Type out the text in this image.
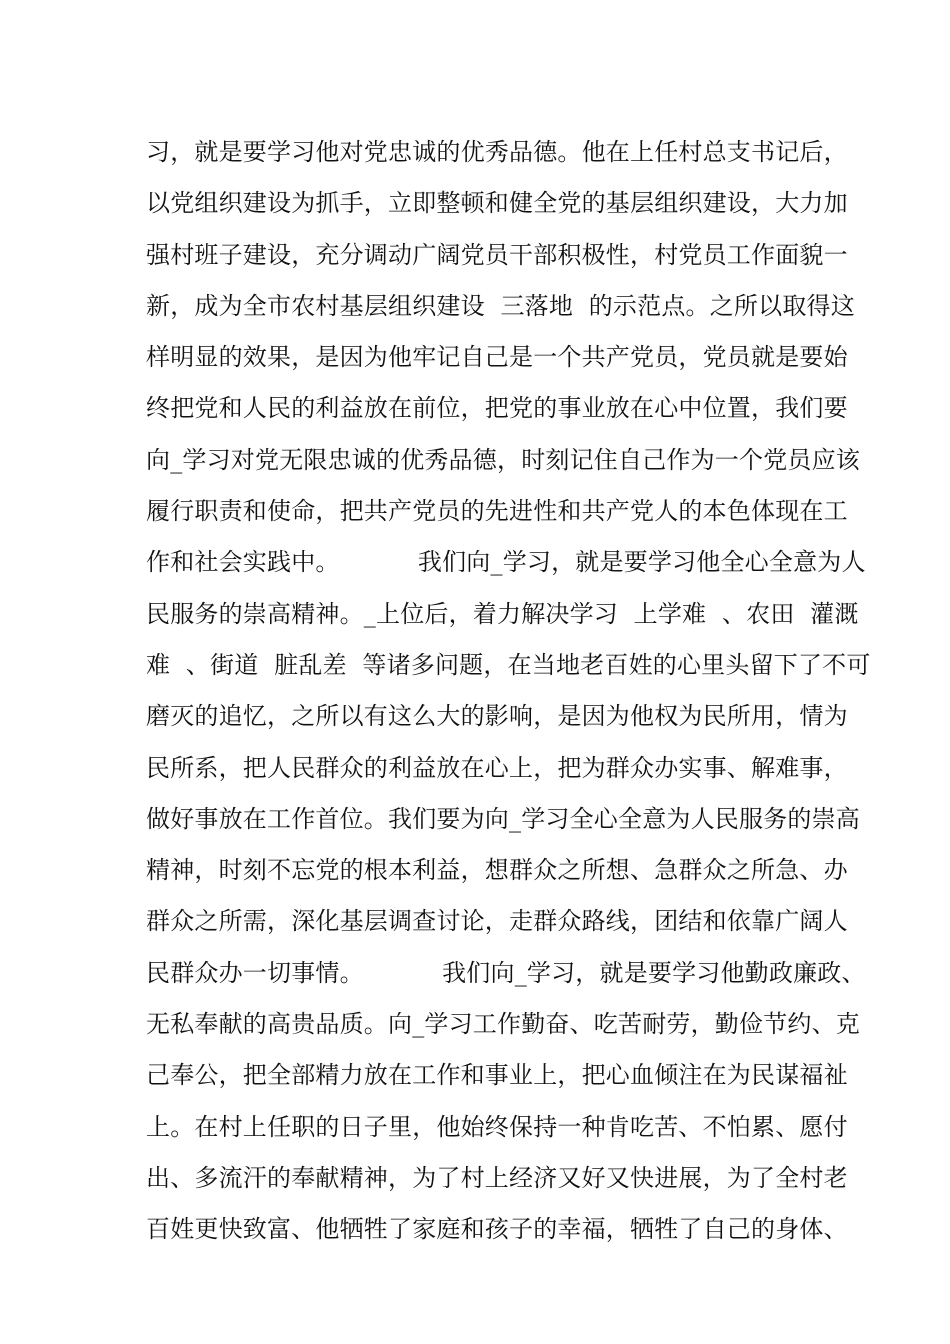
习，就是要学习他对党忠诚的优秀品德。他在上任村总支书记后，
以党组织建设为抓手，立即整顿和健全党的基层组织建设，大力加
强村班子建设，充分调动广阔党员干部积极性，村党员工作面貌一
新，成为全市农村基层组织建设  三落地  的示范点。之所以取得这
样明显的效果，是因为他牢记自己是一个共产党员，党员就是要始
终把党和人民的利益放在前位，把党的事业放在心中位置，我们要
向_学习对党无限忠诚的优秀品德，时刻记住自己作为一个党员应该
履行职责和使命，把共产党员的先进性和共产党人的本色体现在工
作和社会实践中。          我们向_学习，就是要学习他全心全意为人
民服务的崇高精神。_上位后，着力解决学习  上学难  、农田  灌溉
难  、街道  脏乱差  等诸多问题，在当地老百姓的心里头留下了不可
磨灭的追忆，之所以有这么大的影响，是因为他权为民所用，情为
民所系，把人民群众的利益放在心上，把为群众办实事、解难事，
做好事放在工作首位。我们要为向_学习全心全意为人民服务的崇高
精神，时刻不忘党的根本利益，想群众之所想、急群众之所急、办
群众之所需，深化基层调查讨论，走群众路线，团结和依靠广阔人
民群众办一切事情。          我们向_学习，就是要学习他勤政廉政、
无私奉献的高贵品质。向_学习工作勤奋、吃苦耐劳，勤俭节约、克
己奉公，把全部精力放在工作和事业上，把心血倾注在为民谋福祉
上。在村上任职的日子里，他始终保持一种肯吃苦、不怕累、愿付
出、多流汗的奉献精神，为了村上经济又好又快进展，为了全村老
百姓更快致富、他牺牲了家庭和孩子的幸福，牺牲了自己的身体、
